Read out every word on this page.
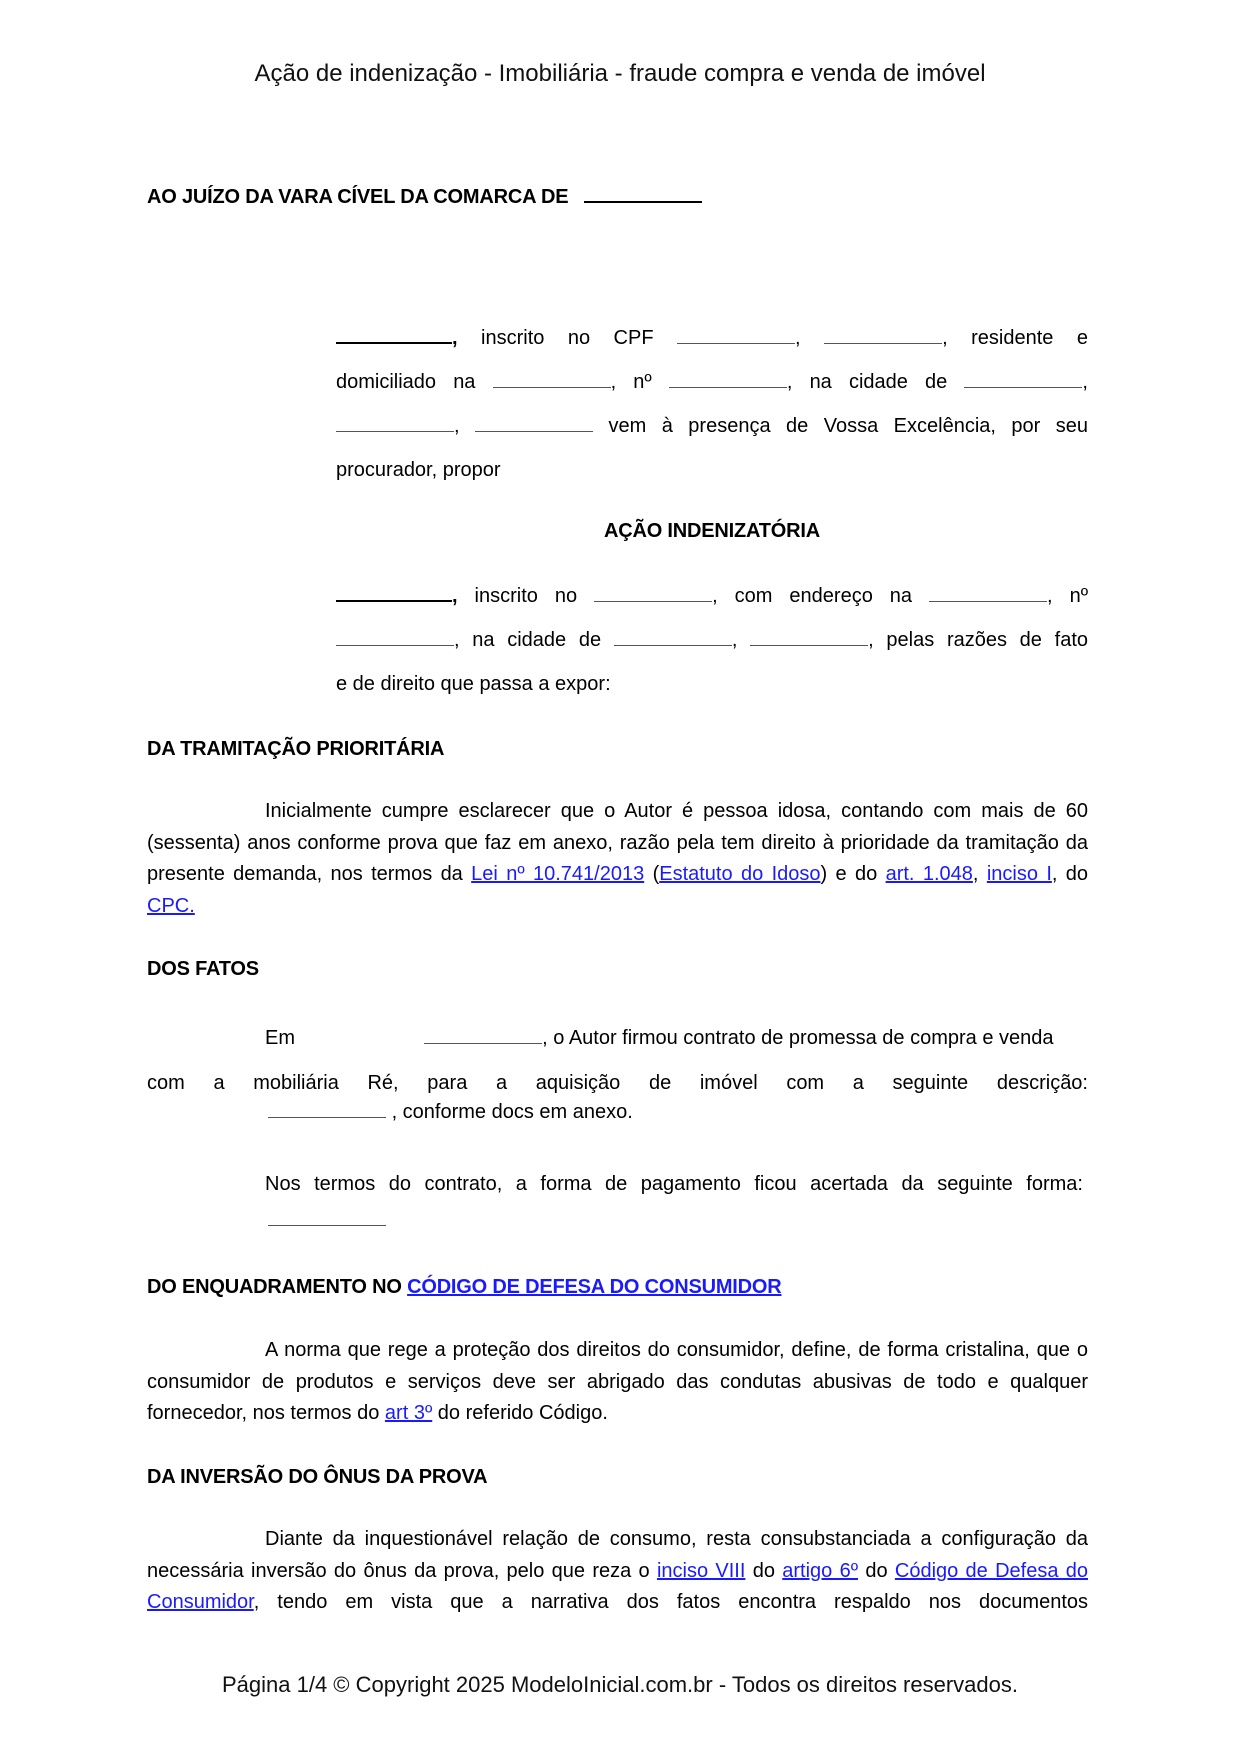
Ação de indenização - Imobiliária - fraude compra e venda de imóvel
AO JUÍZO DA VARA CÍVEL DA COMARCA DE
, inscrito no CPF	,	, residente e
domiciliado na	, nº	, na cidade de	,
,	vem à presença de Vossa Excelência, por seu
procurador, propor
AÇÃO INDENIZATÓRIA
, inscrito no	, com endereço na	, nº
, na cidade de	,	, pelas razões de fato
e de direito que passa a expor:
DA TRAMITAÇÃO PRIORITÁRIA
Inicialmente cumpre esclarecer que o Autor é pessoa idosa, contando com mais de 60 (sessenta) anos conforme prova que faz em anexo, razão pela tem direito à prioridade da tramitação da presente demanda, nos termos da Lei nº 10.741/2013 (Estatuto do Idoso) e do art. 1.048, inciso I, do CPC.
DOS FATOS
Em	, o Autor firmou contrato de promessa de compra e venda
com a mobiliária Ré, para a aquisição de imóvel com a seguinte descrição:
, conforme docs em anexo.
Nos termos do contrato, a forma de pagamento ficou acertada da seguinte forma:
DO ENQUADRAMENTO NO CÓDIGO DE DEFESA DO CONSUMIDOR
A norma que rege a proteção dos direitos do consumidor, define, de forma cristalina, que o consumidor de produtos e serviços deve ser abrigado das condutas abusivas de todo e qualquer fornecedor, nos termos do art 3º do referido Código.
DA INVERSÃO DO ÔNUS DA PROVA
Diante da inquestionável relação de consumo, resta consubstanciada a configuração da necessária inversão do ônus da prova, pelo que reza o inciso VIII do artigo 6º do Código de Defesa do Consumidor, tendo em vista que a narrativa dos fatos encontra respaldo nos documentos
Página 1/4 © Copyright 2025 ModeloInicial.com.br - Todos os direitos reservados.
